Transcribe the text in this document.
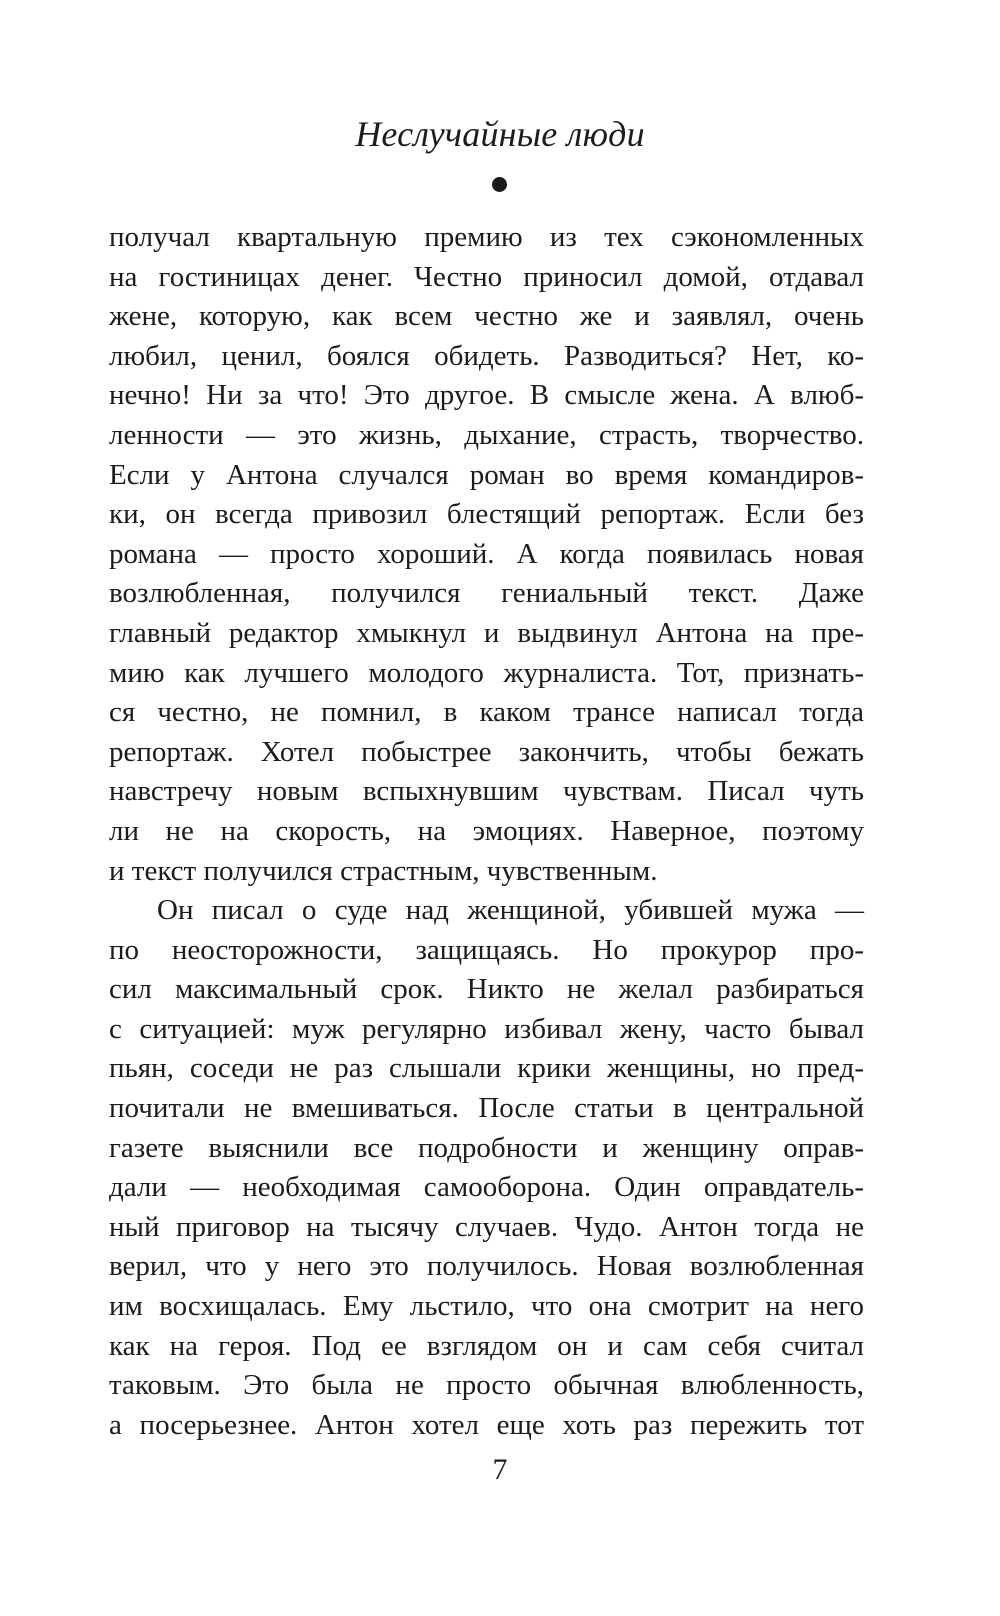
Неслучайные люди
получал квартальную премию из тех сэкономленных
на гостиницах денег. Честно приносил домой, отдавал
жене, которую, как всем честно же и заявлял, очень
любил, ценил, боялся обидеть. Разводиться? Нет, ко-
нечно! Ни за что! Это другое. В смысле жена. А влюб-
ленности — это жизнь, дыхание, страсть, творчество.
Если у Антона случался роман во время командиров-
ки, он всегда привозил блестящий репортаж. Если без
романа — просто хороший. А когда появилась новая
возлюбленная, получился гениальный текст. Даже
главный редактор хмыкнул и выдвинул Антона на пре-
мию как лучшего молодого журналиста. Тот, признать-
ся честно, не помнил, в каком трансе написал тогда
репортаж. Хотел побыстрее закончить, чтобы бежать
навстречу новым вспыхнувшим чувствам. Писал чуть
ли не на скорость, на эмоциях. Наверное, поэтому
и текст получился страстным, чувственным.
Он писал о суде над женщиной, убившей мужа —
по неосторожности, защищаясь. Но прокурор про-
сил максимальный срок. Никто не желал разбираться
с ситуацией: муж регулярно избивал жену, часто бывал
пьян, соседи не раз слышали крики женщины, но пред-
почитали не вмешиваться. После статьи в центральной
газете выяснили все подробности и женщину оправ-
дали — необходимая самооборона. Один оправдатель-
ный приговор на тысячу случаев. Чудо. Антон тогда не
верил, что у него это получилось. Новая возлюбленная
им восхищалась. Ему льстило, что она смотрит на него
как на героя. Под ее взглядом он и сам себя считал
таковым. Это была не просто обычная влюбленность,
а посерьезнее. Антон хотел еще хоть раз пережить тот
7
